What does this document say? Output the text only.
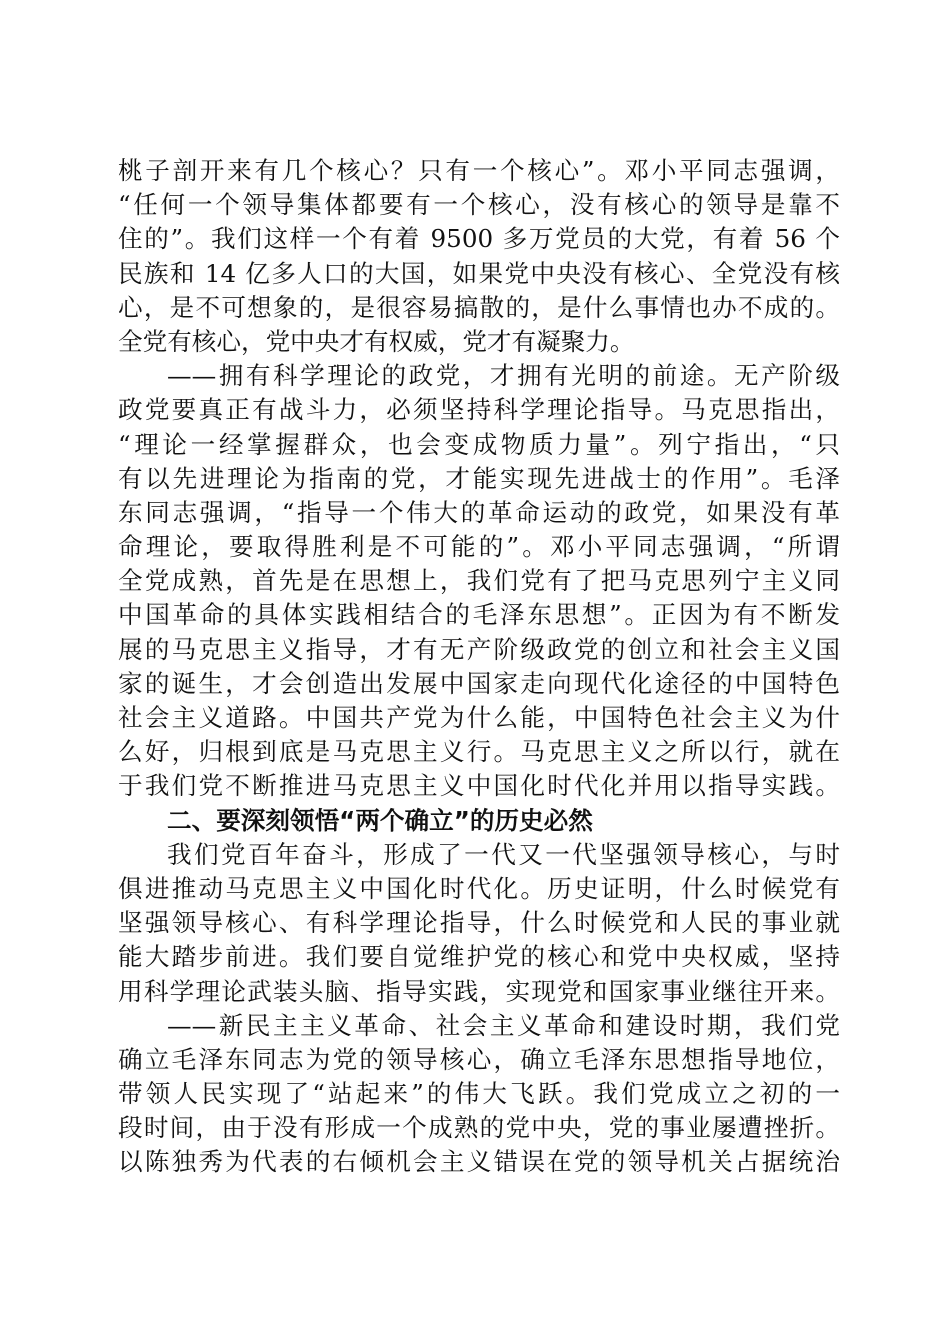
桃子剖开来有几个核心？只有一个核心”。邓小平同志强调，
“任何一个领导集体都要有一个核心，没有核心的领导是靠不
住的”。我们这样一个有着 9500 多万党员的大党，有着 56 个
民族和 14 亿多人口的大国，如果党中央没有核心、全党没有核
心，是不可想象的，是很容易搞散的，是什么事情也办不成的。
全党有核心，党中央才有权威，党才有凝聚力。
——拥有科学理论的政党，才拥有光明的前途。无产阶级
政党要真正有战斗力，必须坚持科学理论指导。马克思指出，
“理论一经掌握群众，也会变成物质力量”。列宁指出，“只
有以先进理论为指南的党，才能实现先进战士的作用”。毛泽
东同志强调，“指导一个伟大的革命运动的政党，如果没有革
命理论，要取得胜利是不可能的”。邓小平同志强调，“所谓
全党成熟，首先是在思想上，我们党有了把马克思列宁主义同
中国革命的具体实践相结合的毛泽东思想”。正因为有不断发
展的马克思主义指导，才有无产阶级政党的创立和社会主义国
家的诞生，才会创造出发展中国家走向现代化途径的中国特色
社会主义道路。中国共产党为什么能，中国特色社会主义为什
么好，归根到底是马克思主义行。马克思主义之所以行，就在
于我们党不断推进马克思主义中国化时代化并用以指导实践。
二、要深刻领悟“两个确立”的历史必然
我们党百年奋斗，形成了一代又一代坚强领导核心，与时
俱进推动马克思主义中国化时代化。历史证明，什么时候党有
坚强领导核心、有科学理论指导，什么时候党和人民的事业就
能大踏步前进。我们要自觉维护党的核心和党中央权威，坚持
用科学理论武装头脑、指导实践，实现党和国家事业继往开来。
——新民主主义革命、社会主义革命和建设时期，我们党
确立毛泽东同志为党的领导核心，确立毛泽东思想指导地位，
带领人民实现了“站起来”的伟大飞跃。我们党成立之初的一
段时间，由于没有形成一个成熟的党中央，党的事业屡遭挫折。
以陈独秀为代表的右倾机会主义错误在党的领导机关占据统治
